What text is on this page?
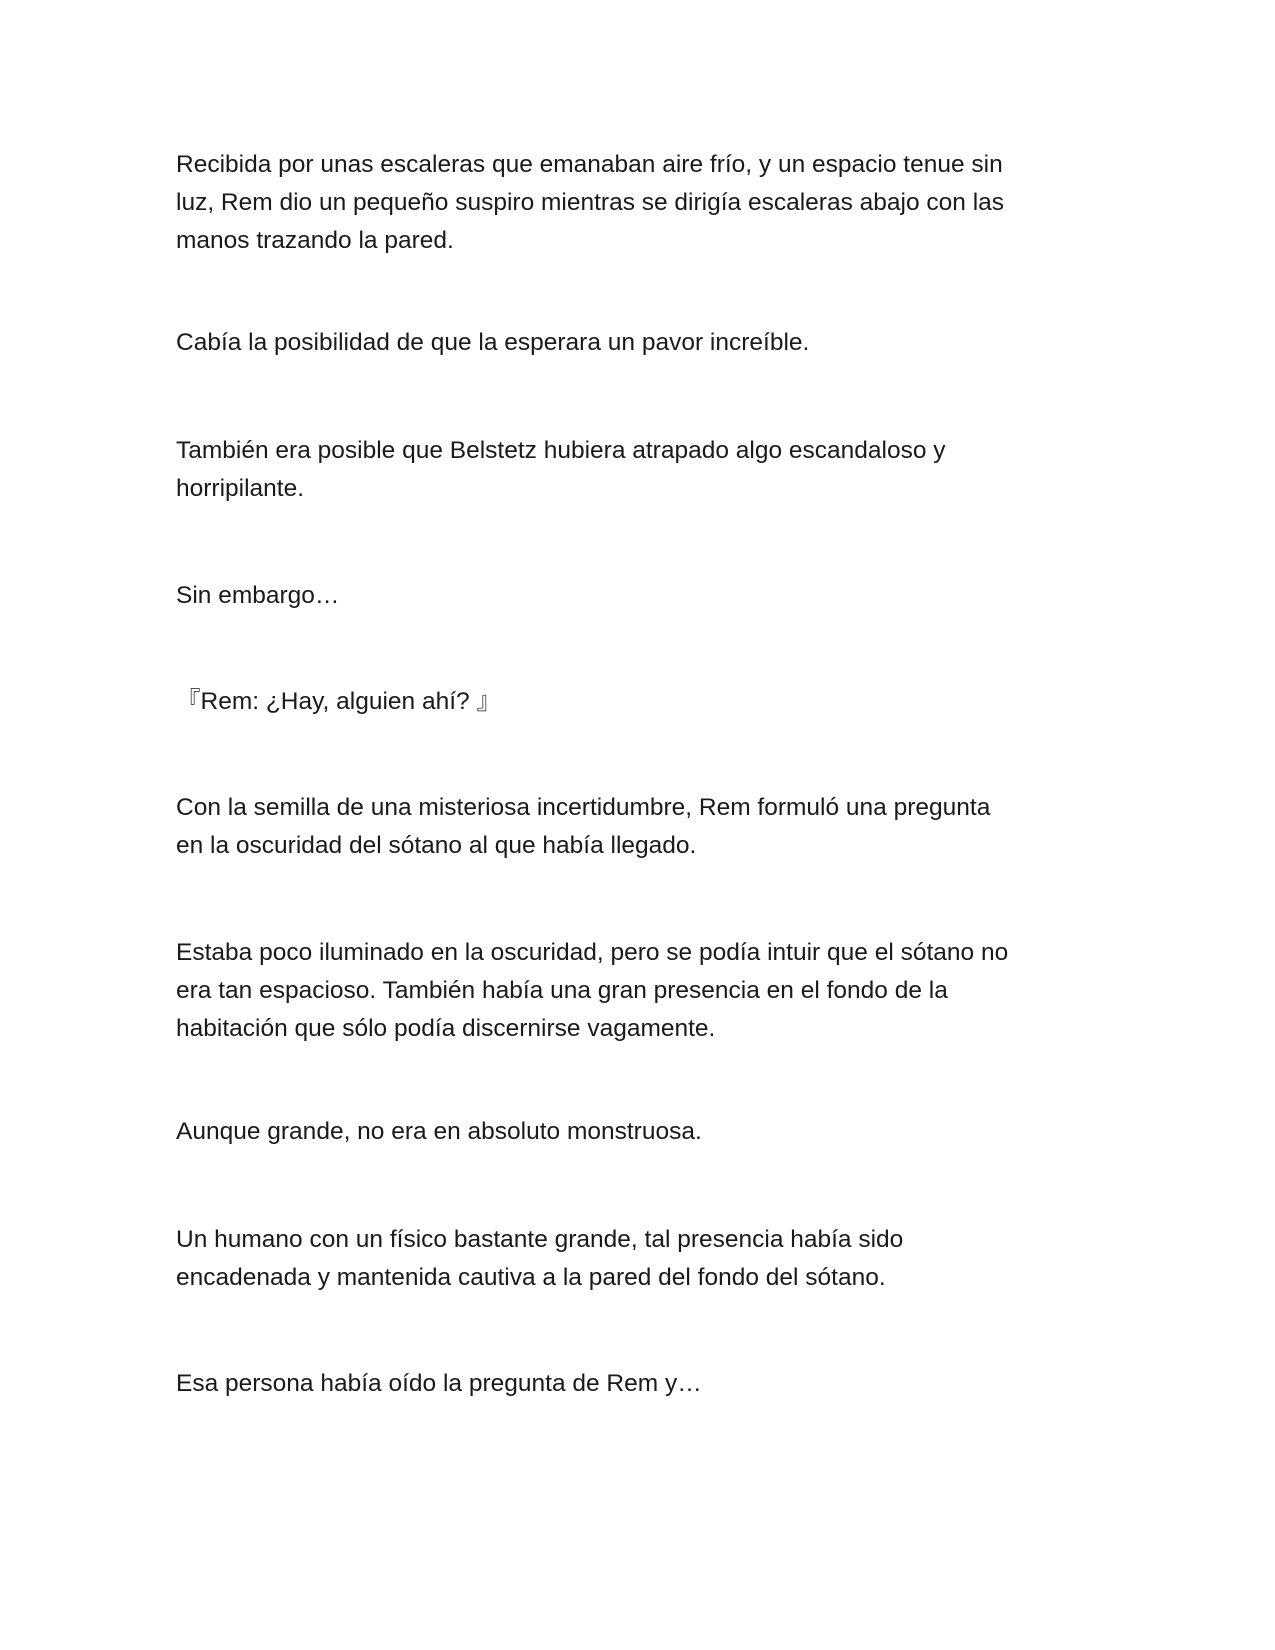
Recibida por unas escaleras que emanaban aire frío, y un espacio tenue sin
luz, Rem dio un pequeño suspiro mientras se dirigía escaleras abajo con las
manos trazando la pared.

Cabía la posibilidad de que la esperara un pavor increíble.

También era posible que Belstetz hubiera atrapado algo escandaloso y
horripilante.

Sin embargo…

『Rem: ¿Hay, alguien ahí? 』

Con la semilla de una misteriosa incertidumbre, Rem formuló una pregunta
en la oscuridad del sótano al que había llegado.

Estaba poco iluminado en la oscuridad, pero se podía intuir que el sótano no
era tan espacioso. También había una gran presencia en el fondo de la
habitación que sólo podía discernirse vagamente.

Aunque grande, no era en absoluto monstruosa.

Un humano con un físico bastante grande, tal presencia había sido
encadenada y mantenida cautiva a la pared del fondo del sótano.

Esa persona había oído la pregunta de Rem y…
